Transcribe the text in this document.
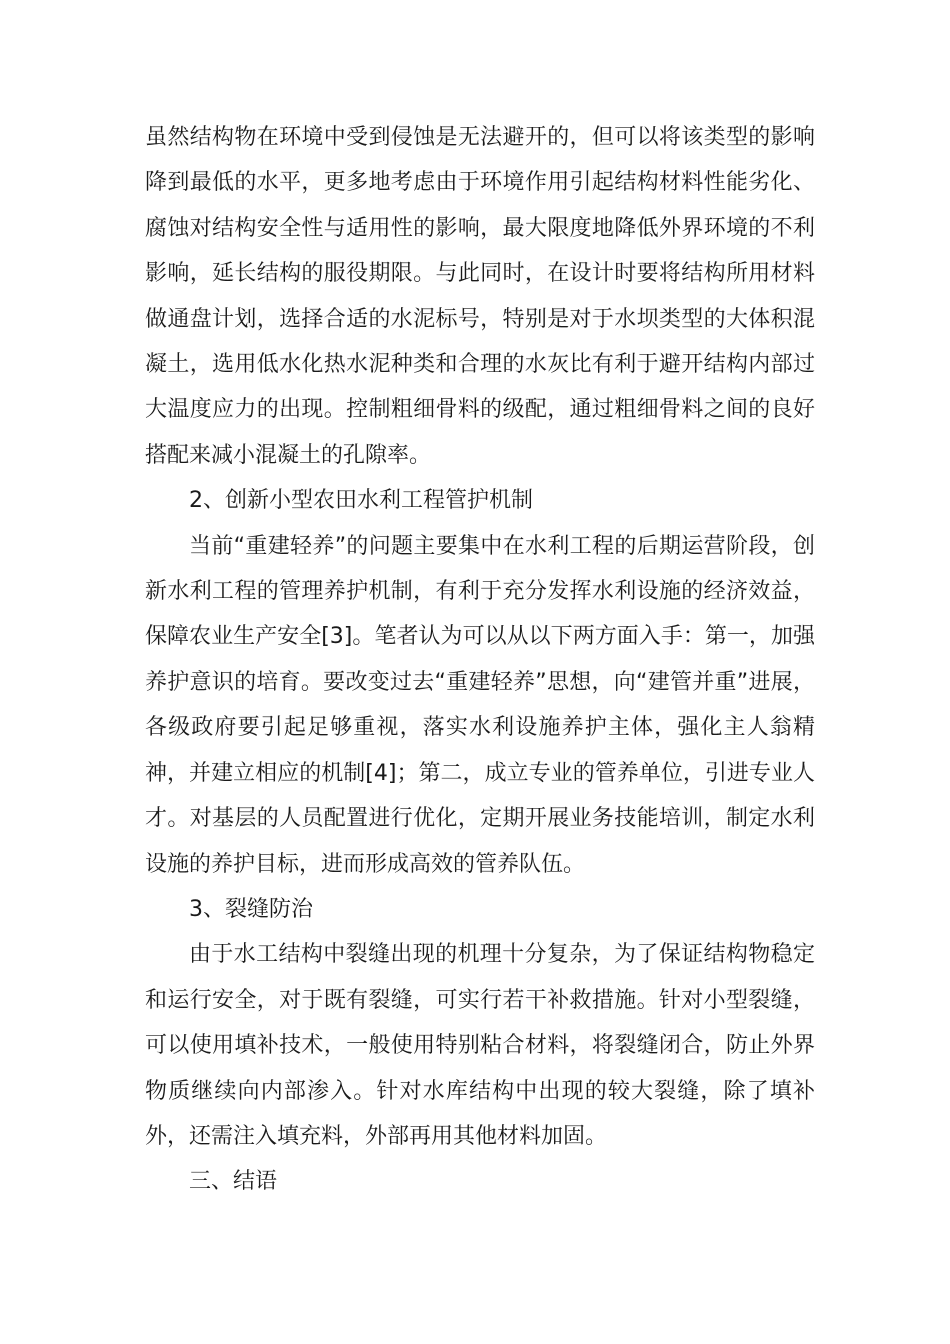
虽然结构物在环境中受到侵蚀是无法避开的，但可以将该类型的影响降到最低的水平，更多地考虑由于环境作用引起结构材料性能劣化、腐蚀对结构安全性与适用性的影响，最大限度地降低外界环境的不利影响，延长结构的服役期限。与此同时，在设计时要将结构所用材料做通盘计划，选择合适的水泥标号，特别是对于水坝类型的大体积混凝土，选用低水化热水泥种类和合理的水灰比有利于避开结构内部过大温度应力的出现。控制粗细骨料的级配，通过粗细骨料之间的良好搭配来减小混凝土的孔隙率。

2、创新小型农田水利工程管护机制

当前“重建轻养”的问题主要集中在水利工程的后期运营阶段，创新水利工程的管理养护机制，有利于充分发挥水利设施的经济效益，保障农业生产安全[3]。笔者认为可以从以下两方面入手：第一，加强养护意识的培育。要改变过去“重建轻养”思想，向“建管并重”进展，各级政府要引起足够重视，落实水利设施养护主体，强化主人翁精神，并建立相应的机制[4]；第二，成立专业的管养单位，引进专业人才。对基层的人员配置进行优化，定期开展业务技能培训，制定水利设施的养护目标，进而形成高效的管养队伍。

3、裂缝防治

由于水工结构中裂缝出现的机理十分复杂，为了保证结构物稳定和运行安全，对于既有裂缝，可实行若干补救措施。针对小型裂缝，可以使用填补技术，一般使用特别粘合材料，将裂缝闭合，防止外界物质继续向内部渗入。针对水库结构中出现的较大裂缝，除了填补外，还需注入填充料，外部再用其他材料加固。

三、结语
